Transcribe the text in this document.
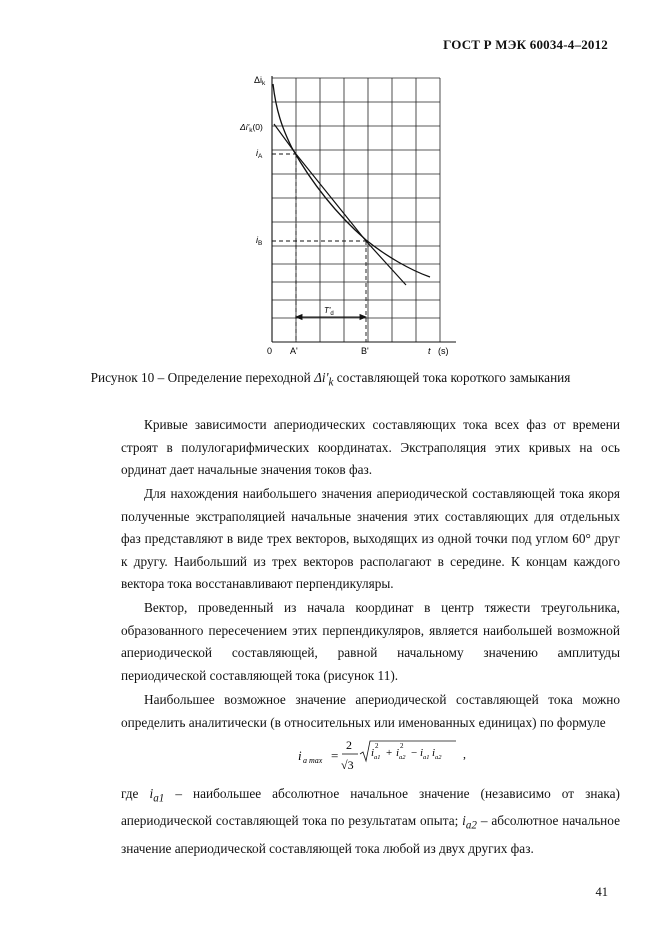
ГОСТ Р МЭК 60034-4–2012
$\Delta i_k$
$\Delta i'_k(0)$
$i_A$
$i_B$
0 A'	B'	t (s)
$T'_d$
Рисунок 10 – Определение переходной $\Delta i'_k$ составляющей тока короткого замыкания

Кривые зависимости апериодических составляющих тока всех фаз от времени строят в полулогарифмических координатах. Экстраполяция этих кривых на ось ординат дает начальные значения токов фаз.

Для нахождения наибольшего значения апериодической составляющей тока якоря полученные экстраполяцией начальные значения этих составляющих для отдельных фаз представляют в виде трех векторов, выходящих из одной точки под углом 60° друг к другу. Наибольший из трех векторов располагают в середине. К концам каждого вектора тока восстанавливают перпендикуляры.

Вектор, проведенный из начала координат в центр тяжести треугольника, образованного пересечением этих перпендикуляров, является наибольшей возможной апериодической составляющей, равной начальному значению амплитуды периодической составляющей тока (рисунок 11).

Наибольшее возможное значение апериодической составляющей тока можно определить аналитически (в относительных или именованных единицах) по формуле

i a max =
2
√3
i
2
a1 + i
2
a2 − i a1 i a2 ,

где $i_{a1}$ – наибольшее абсолютное начальное значение (независимо от знака) апериодической составляющей тока по результатам опыта; $i_{a2}$ – абсолютное начальное значение апериодической составляющей тока любой из двух других фаз.

41
